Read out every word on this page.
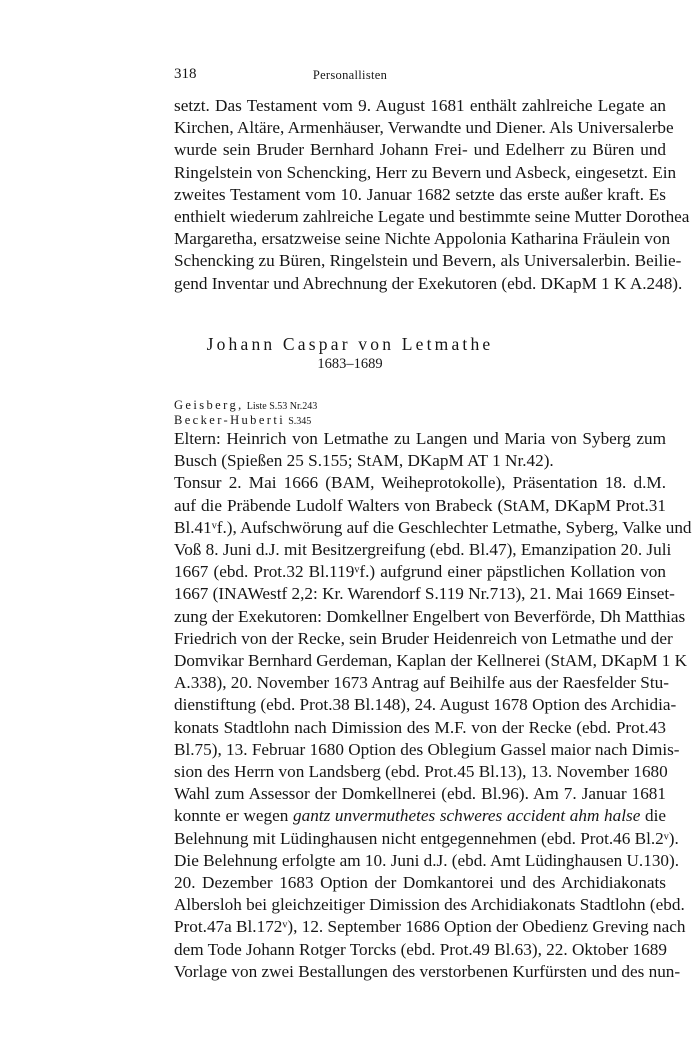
318	Personallisten
setzt. Das Testament vom 9. August 1681 enthält zahlreiche Legate an
Kirchen, Altäre, Armenhäuser, Verwandte und Diener. Als Universalerbe
wurde sein Bruder Bernhard Johann Frei- und Edelherr zu Büren und
Ringelstein von Schencking, Herr zu Bevern und Asbeck, eingesetzt. Ein
zweites Testament vom 10. Januar 1682 setzte das erste außer kraft. Es
enthielt wiederum zahlreiche Legate und bestimmte seine Mutter Dorothea
Margaretha, ersatzweise seine Nichte Appolonia Katharina Fräulein von
Schencking zu Büren, Ringelstein und Bevern, als Universalerbin. Beilie-
gend Inventar und Abrechnung der Exekutoren (ebd. DKapM 1 K A.248).
Johann Caspar von Letmathe
1683–1689
Geisberg, Liste S.53 Nr.243
Becker-Huberti S.345
Eltern: Heinrich von Letmathe zu Langen und Maria von Syberg zum
Busch (Spießen 25 S.155; StAM, DKapM AT 1 Nr.42).
Tonsur 2. Mai 1666 (BAM, Weiheprotokolle), Präsentation 18. d.M.
auf die Präbende Ludolf Walters von Brabeck (StAM, DKapM Prot.31
Bl.41ᵛf.), Aufschwörung auf die Geschlechter Letmathe, Syberg, Valke und
Voß 8. Juni d.J. mit Besitzergreifung (ebd. Bl.47), Emanzipation 20. Juli
1667 (ebd. Prot.32 Bl.119ᵛf.) aufgrund einer päpstlichen Kollation von
1667 (INAWestf 2,2: Kr. Warendorf S.119 Nr.713), 21. Mai 1669 Einset-
zung der Exekutoren: Domkellner Engelbert von Beverförde, Dh Matthias
Friedrich von der Recke, sein Bruder Heidenreich von Letmathe und der
Domvikar Bernhard Gerdeman, Kaplan der Kellnerei (StAM, DKapM 1 K
A.338), 20. November 1673 Antrag auf Beihilfe aus der Raesfelder Stu-
dienstiftung (ebd. Prot.38 Bl.148), 24. August 1678 Option des Archidia-
konats Stadtlohn nach Dimission des M.F. von der Recke (ebd. Prot.43
Bl.75), 13. Februar 1680 Option des Oblegium Gassel maior nach Dimis-
sion des Herrn von Landsberg (ebd. Prot.45 Bl.13), 13. November 1680
Wahl zum Assessor der Domkellnerei (ebd. Bl.96). Am 7. Januar 1681
konnte er wegen gantz unvermuthetes schweres accident ahm halse die
Belehnung mit Lüdinghausen nicht entgegennehmen (ebd. Prot.46 Bl.2ᵛ).
Die Belehnung erfolgte am 10. Juni d.J. (ebd. Amt Lüdinghausen U.130).
20. Dezember 1683 Option der Domkantorei und des Archidiakonats
Albersloh bei gleichzeitiger Dimission des Archidiakonats Stadtlohn (ebd.
Prot.47a Bl.172ᵛ), 12. September 1686 Option der Obedienz Greving nach
dem Tode Johann Rotger Torcks (ebd. Prot.49 Bl.63), 22. Oktober 1689
Vorlage von zwei Bestallungen des verstorbenen Kurfürsten und des nun-
